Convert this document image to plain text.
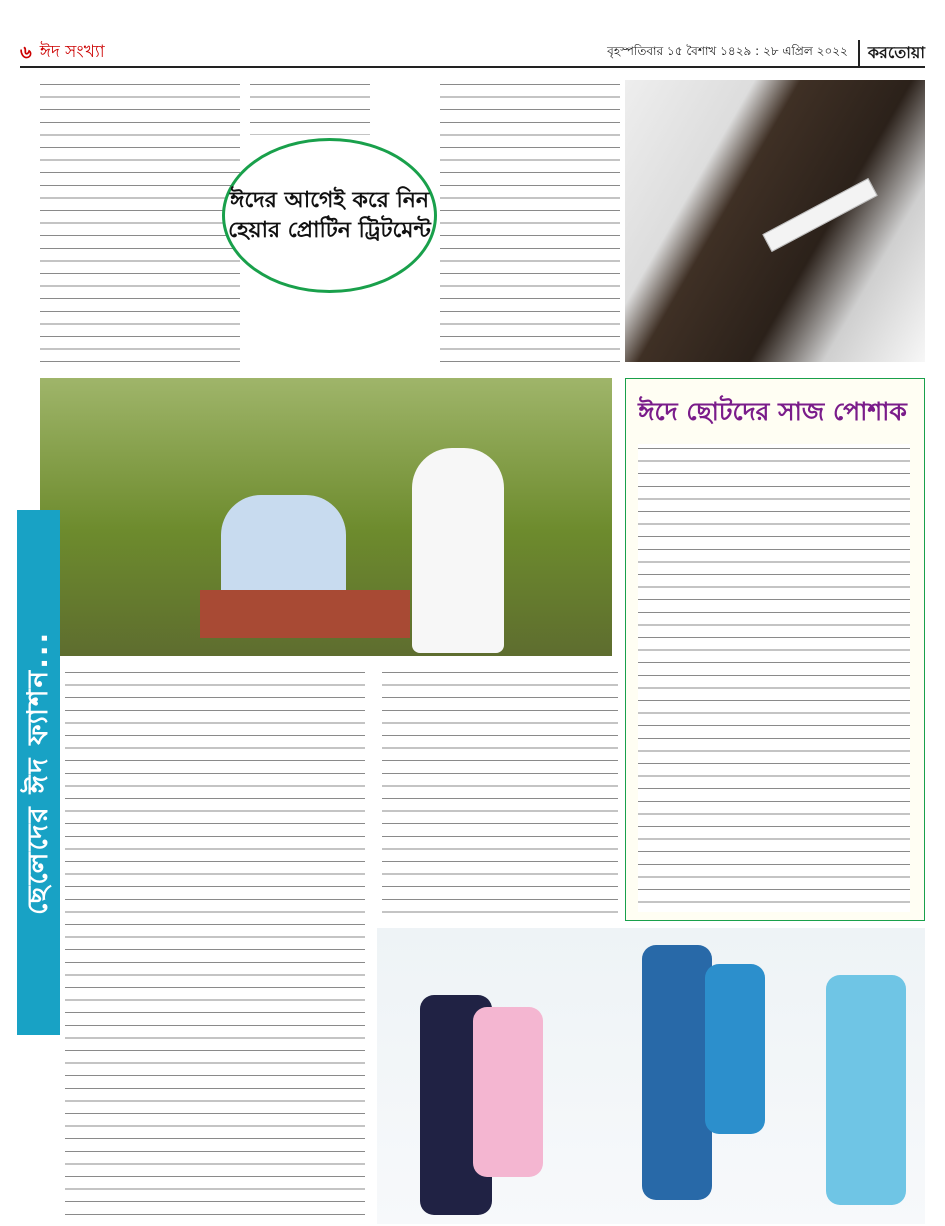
৬ ঈদ সংখ্যা	বৃহস্পতিবার ১৫ বৈশাখ ১৪২৯ : ২৮ এপ্রিল ২০২২	করতোয়া
ঈদের আগেই করে নিন হেয়ার প্রোটিন ট্রিটমেন্ট
ছেলেদের ঈদ ফ্যাশন...
ঈদে ছোটদের সাজ পোশাক
